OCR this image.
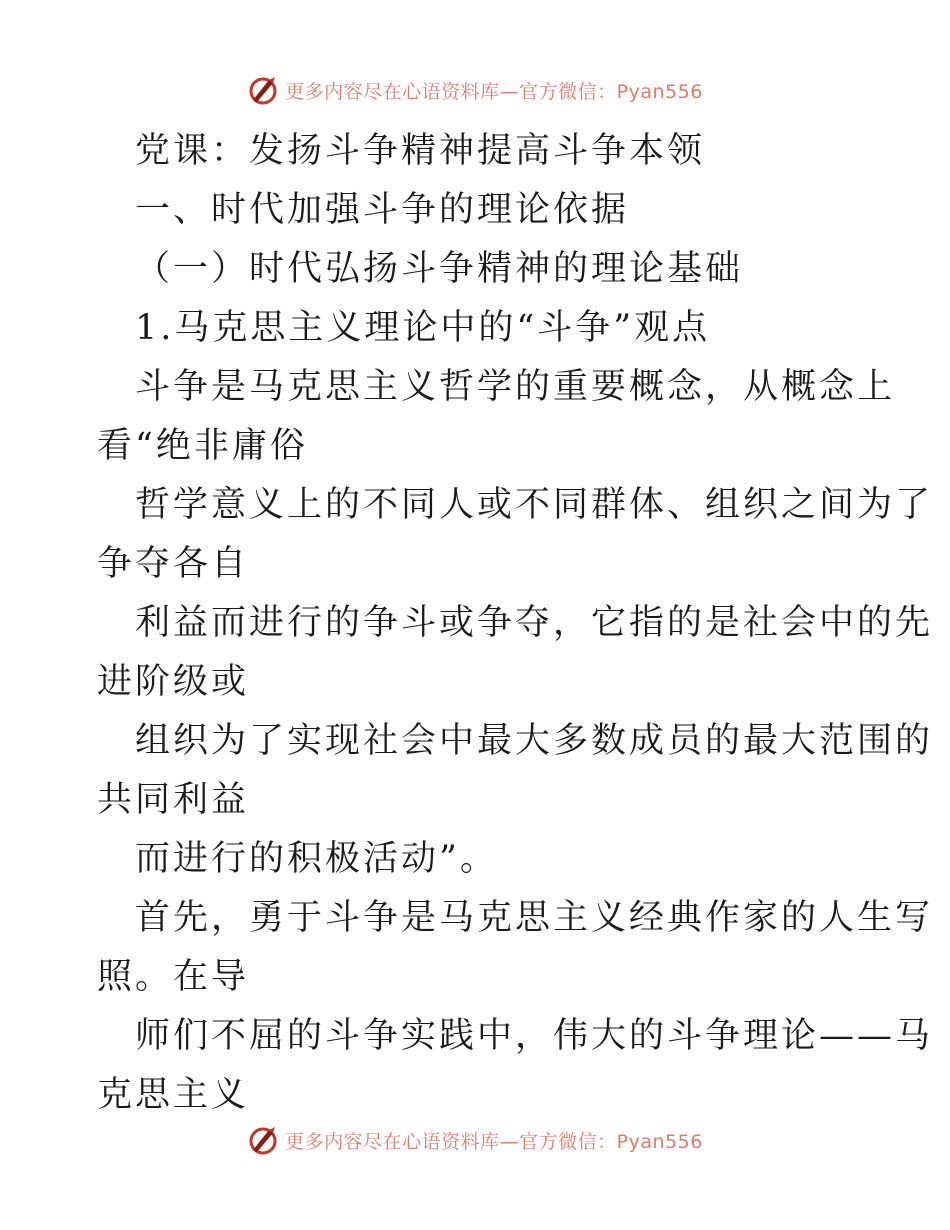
更多内容尽在心语资料库—官方微信：Pyan556
党课：发扬斗争精神提高斗争本领
一、时代加强斗争的理论依据
（一）时代弘扬斗争精神的理论基础
1.马克思主义理论中的“斗争”观点
斗争是马克思主义哲学的重要概念，从概念上
看“绝非庸俗
哲学意义上的不同人或不同群体、组织之间为了
争夺各自
利益而进行的争斗或争夺，它指的是社会中的先
进阶级或
组织为了实现社会中最大多数成员的最大范围的
共同利益
而进行的积极活动”。
首先，勇于斗争是马克思主义经典作家的人生写
照。在导
师们不屈的斗争实践中，伟大的斗争理论——马
克思主义
更多内容尽在心语资料库—官方微信：Pyan556
